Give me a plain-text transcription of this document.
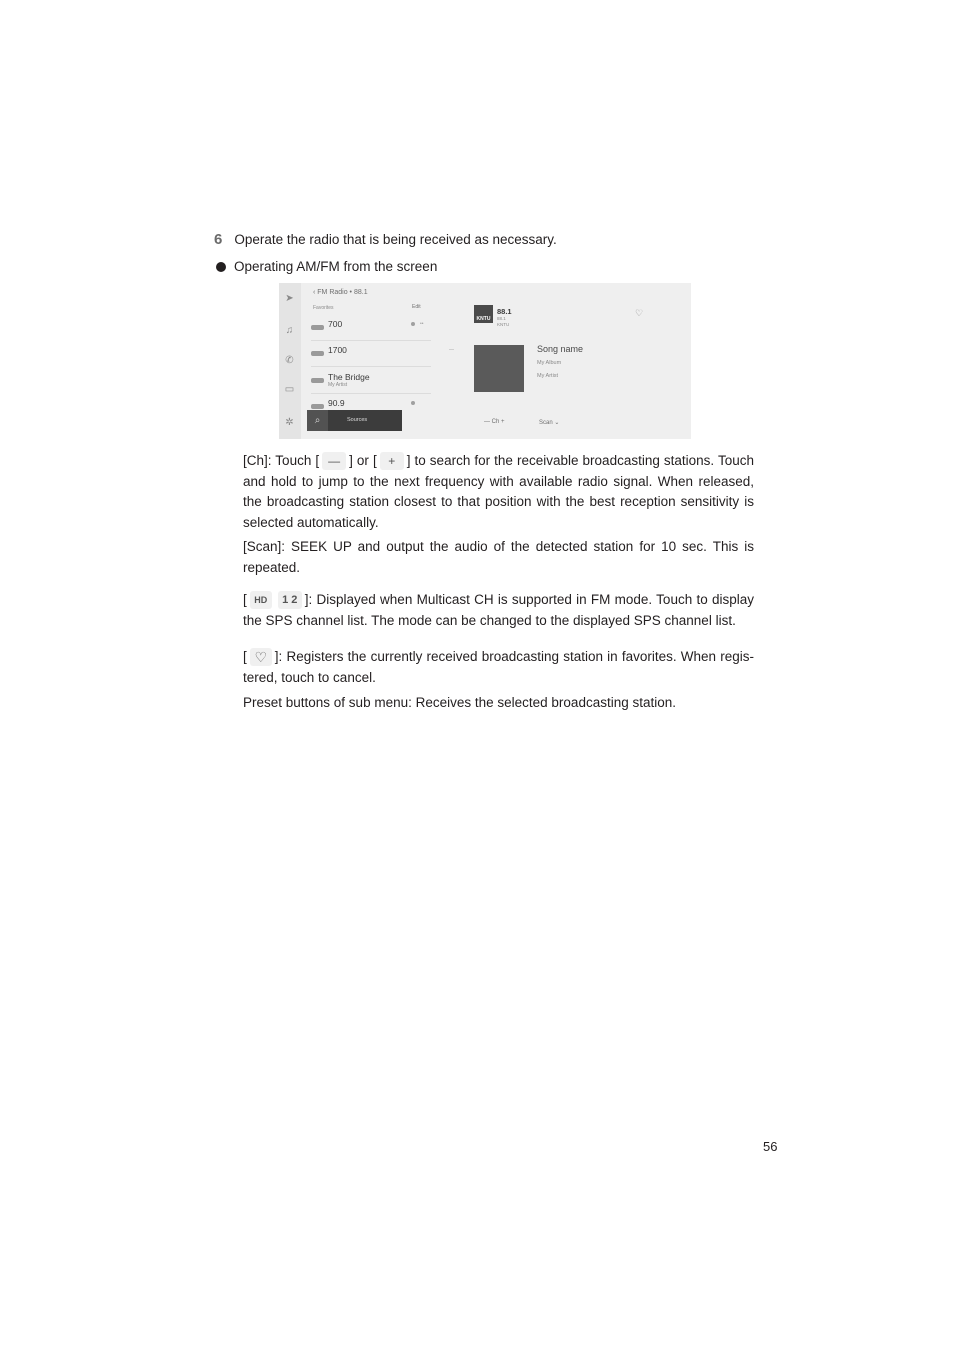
6 Operate the radio that is being received as necessary.
Operating AM/FM from the screen
➤
♫
✆
▭
✲
‹ FM Radio • 88.1
Favorites	Edit
700	••
1700	—
The Bridge
My Artist
90.9
⌕	Sources
KNTU
88.1
88.1
KNTU
♡
Song name
My Album
My Artist
— Ch +	Scan ⌄
[Ch]: Touch [ — ] or [ + ] to search for the receivable broadcasting stations. Touch and hold to jump to the next frequency with available radio signal. When released, the broadcasting station closest to that position with the best reception sensitivity is selected automatically.
[Scan]: SEEK UP and output the audio of the detected station for 10 sec. This is repeated.
[ HD 1 2 ]: Displayed when Multicast CH is supported in FM mode. Touch to display the SPS channel list. The mode can be changed to the displayed SPS channel list.
[ ♡ ]: Registers the currently received broadcasting station in favorites. When regis-tered, touch to cancel.
Preset buttons of sub menu: Receives the selected broadcasting station.
56
